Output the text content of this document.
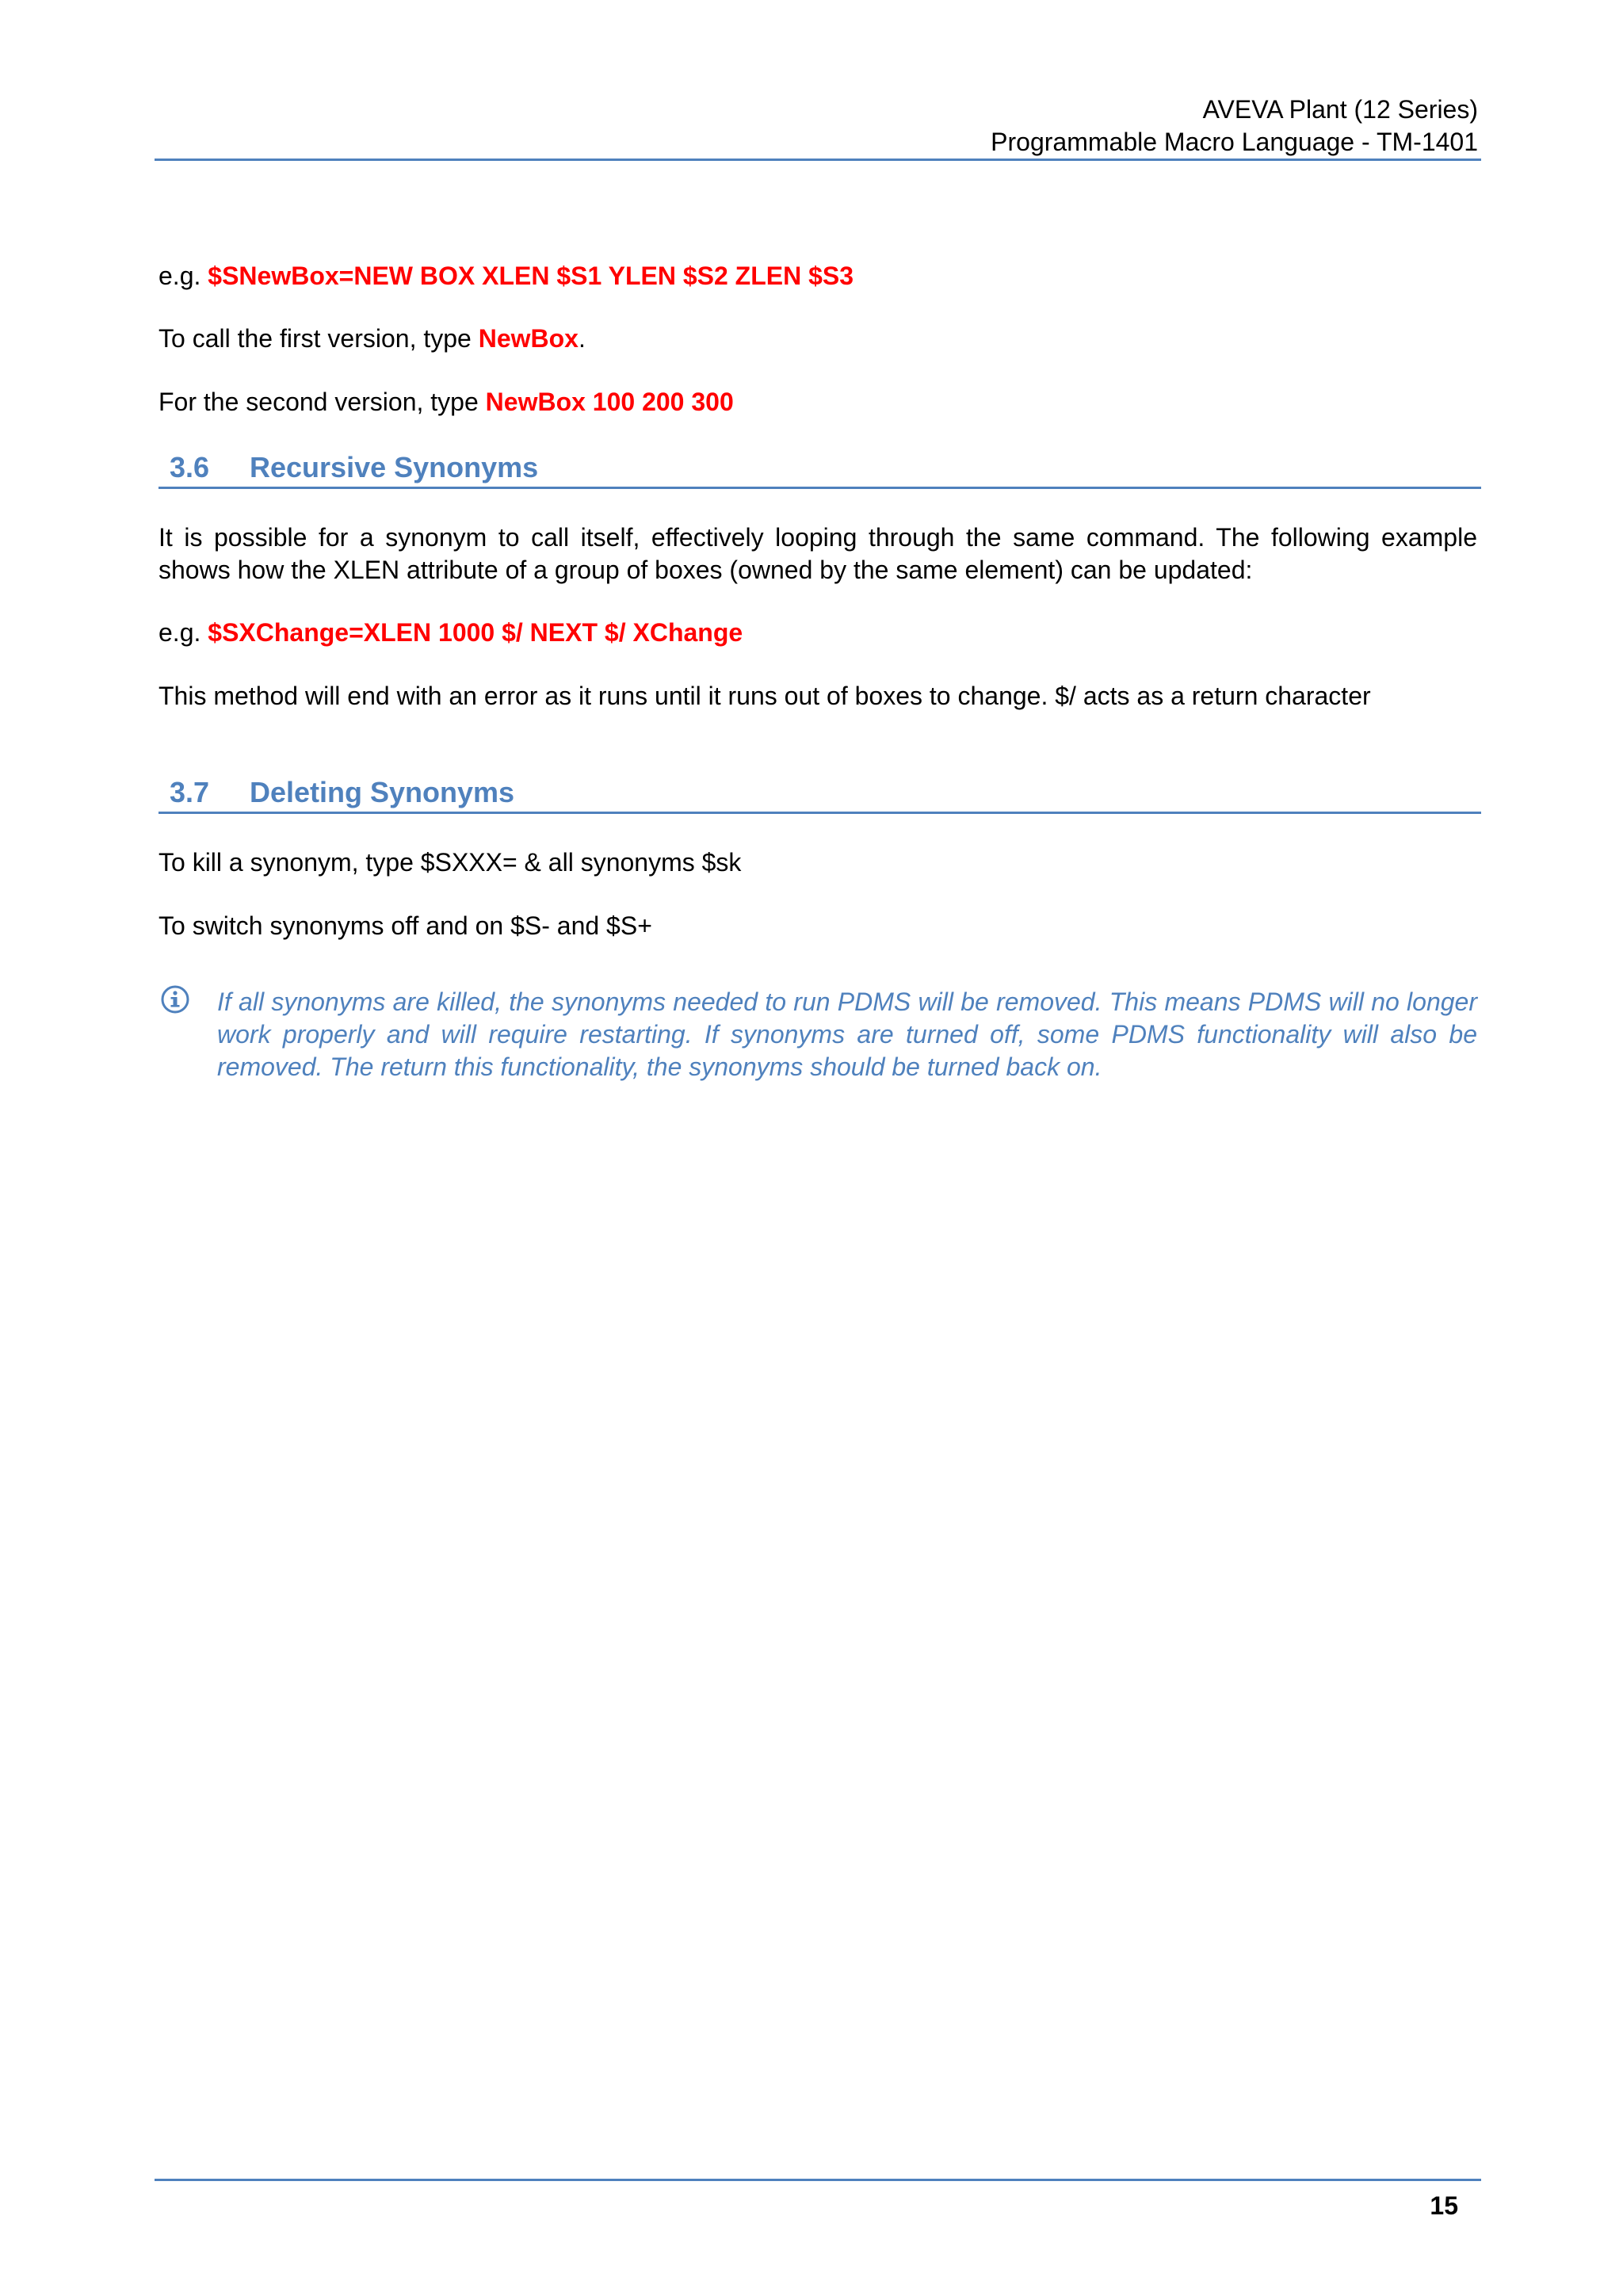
AVEVA Plant (12 Series)
Programmable Macro Language - TM-1401

e.g. $SNewBox=NEW BOX XLEN $S1 YLEN $S2 ZLEN $S3

To call the first version, type NewBox.

For the second version, type NewBox 100 200 300

3.6 Recursive Synonyms

It is possible for a synonym to call itself, effectively looping through the same command. The following example shows how the XLEN attribute of a group of boxes (owned by the same element) can be updated:

e.g. $SXChange=XLEN 1000 $/ NEXT $/ XChange

This method will end with an error as it runs until it runs out of boxes to change. $/ acts as a return character

3.7 Deleting Synonyms

To kill a synonym, type $SXXX= & all synonyms $sk

To switch synonyms off and on $S- and $S+

If all synonyms are killed, the synonyms needed to run PDMS will be removed. This means PDMS will no longer work properly and will require restarting. If synonyms are turned off, some PDMS functionality will also be removed. The return this functionality, the synonyms should be turned back on.

15
